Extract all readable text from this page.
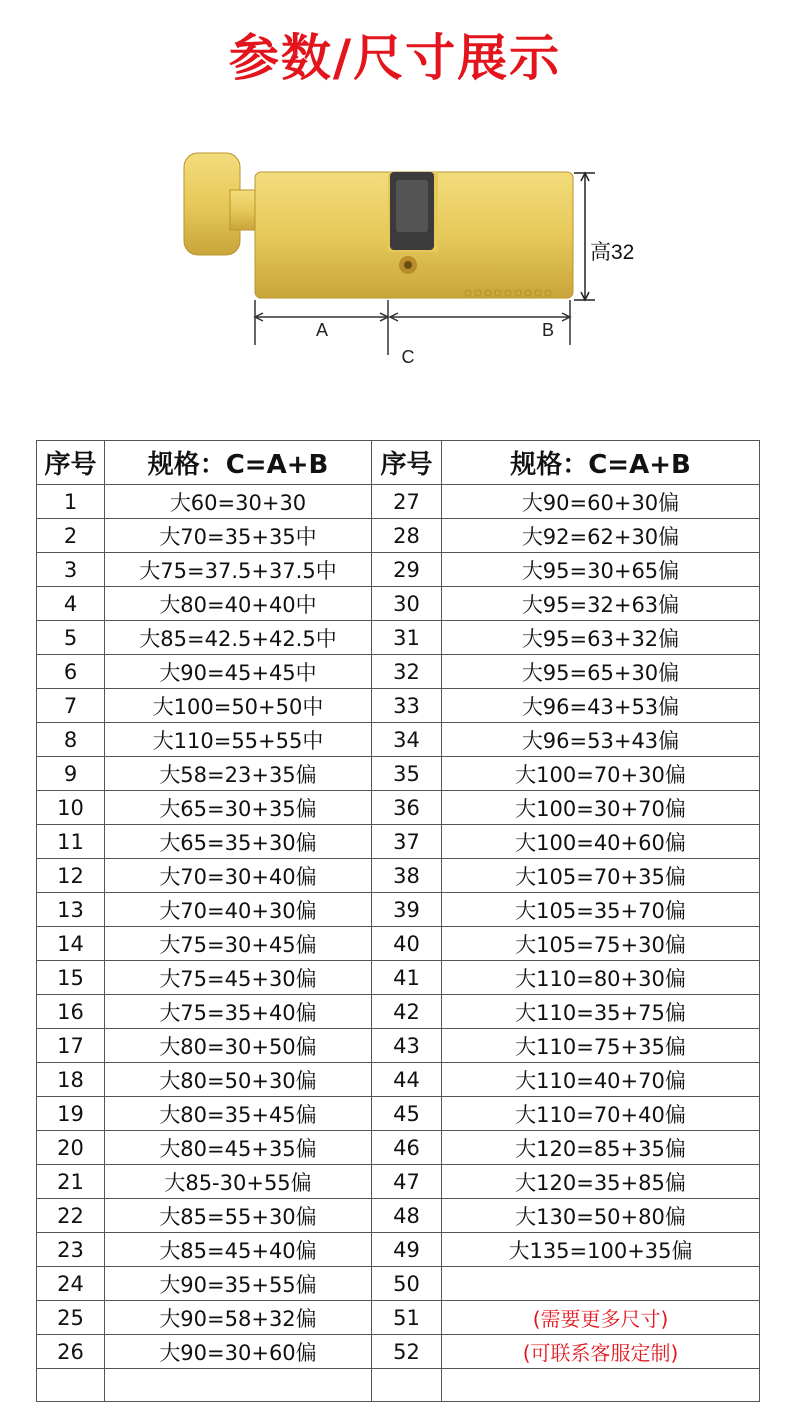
参数/尺寸展示
高32
A	B
C
序号	规格：C=A+B	序号	规格：C=A+B
1	大60=30+30	27	大90=60+30偏
2	大70=35+35中	28	大92=62+30偏
3	大75=37.5+37.5中	29	大95=30+65偏
4	大80=40+40中	30	大95=32+63偏
5	大85=42.5+42.5中	31	大95=63+32偏
6	大90=45+45中	32	大95=65+30偏
7	大100=50+50中	33	大96=43+53偏
8	大110=55+55中	34	大96=53+43偏
9	大58=23+35偏	35	大100=70+30偏
10	大65=30+35偏	36	大100=30+70偏
11	大65=35+30偏	37	大100=40+60偏
12	大70=30+40偏	38	大105=70+35偏
13	大70=40+30偏	39	大105=35+70偏
14	大75=30+45偏	40	大105=75+30偏
15	大75=45+30偏	41	大110=80+30偏
16	大75=35+40偏	42	大110=35+75偏
17	大80=30+50偏	43	大110=75+35偏
18	大80=50+30偏	44	大110=40+70偏
19	大80=35+45偏	45	大110=70+40偏
20	大80=45+35偏	46	大120=85+35偏
21	大85-30+55偏	47	大120=35+85偏
22	大85=55+30偏	48	大130=50+80偏
23	大85=45+40偏	49	大135=100+35偏
24	大90=35+55偏	50	
25	大90=58+32偏	51	(需要更多尺寸)
26	大90=30+60偏	52	(可联系客服定制)
